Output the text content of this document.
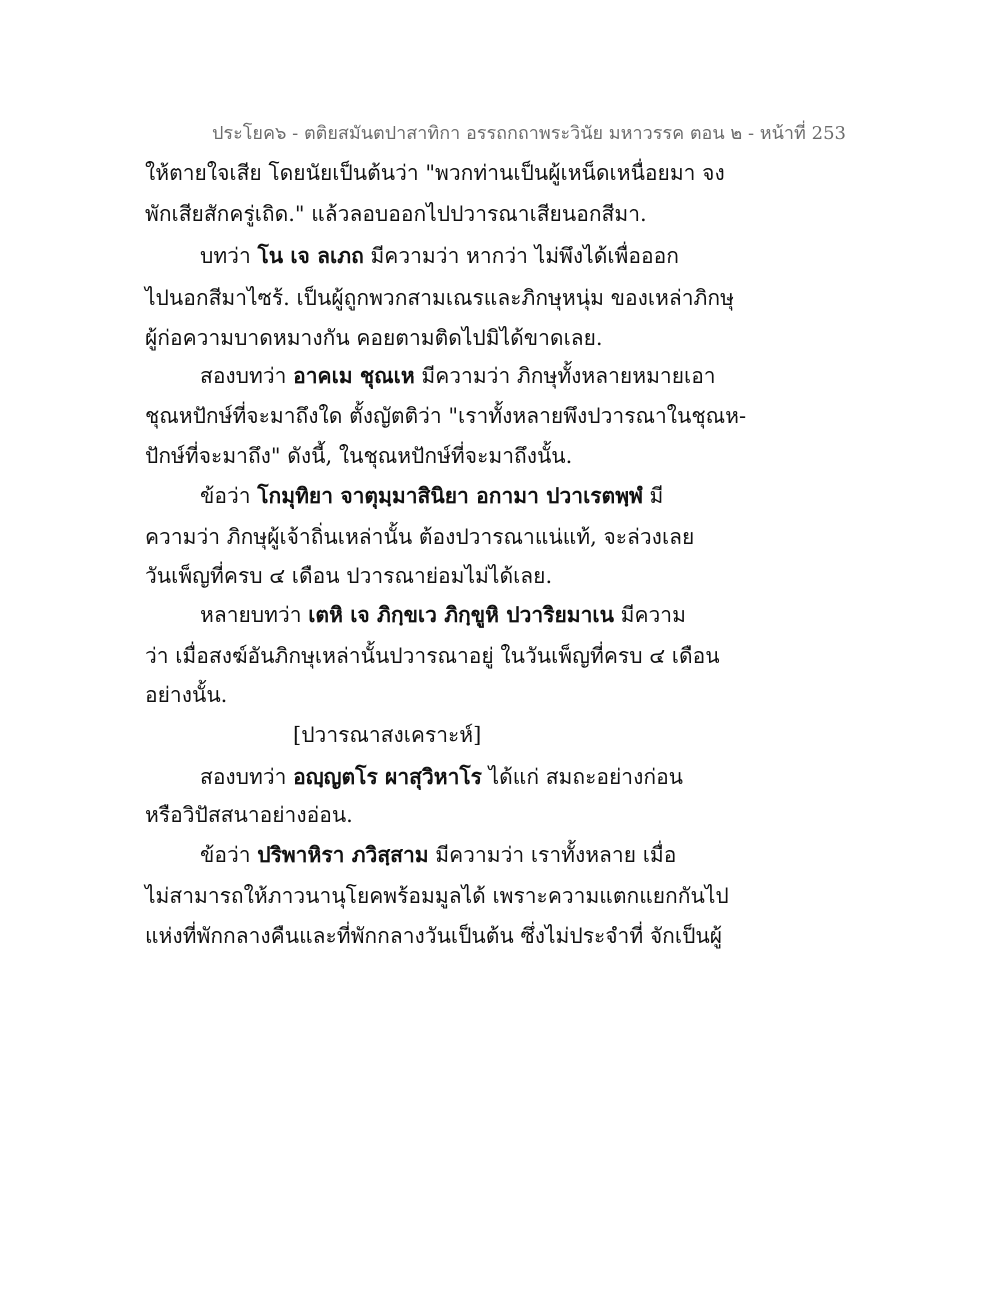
ประโยค๖ - ตติยสมันตปาสาทิกา อรรถกถาพระวินัย มหาวรรค ตอน ๒ - หน้าที่ 253
ให้ตายใจเสีย โดยนัยเป็นต้นว่า "พวกท่านเป็นผู้เหน็ดเหนื่อยมา จง
พักเสียสักครู่เถิด." แล้วลอบออกไปปวารณาเสียนอกสีมา.
บทว่า โน เจ ลเภถ มีความว่า หากว่า ไม่พึงได้เพื่อออก
ไปนอกสีมาไซร้. เป็นผู้ถูกพวกสามเณรและภิกษุหนุ่ม ของเหล่าภิกษุ
ผู้ก่อความบาดหมางกัน คอยตามติดไปมิได้ขาดเลย.
สองบทว่า อาคเม ชุณเห มีความว่า ภิกษุทั้งหลายหมายเอา
ชุณหปักษ์ที่จะมาถึงใด ตั้งญัตติว่า "เราทั้งหลายพึงปวารณาในชุณห-
ปักษ์ที่จะมาถึง" ดังนี้, ในชุณหปักษ์ที่จะมาถึงนั้น.
ข้อว่า โกมุทิยา จาตุมฺมาสินิยา อกามา ปวาเรตพฺพํ มี
ความว่า ภิกษุผู้เจ้าถิ่นเหล่านั้น ต้องปวารณาแน่แท้, จะล่วงเลย
วันเพ็ญที่ครบ ๔ เดือน ปวารณาย่อมไม่ได้เลย.
หลายบทว่า เตหิ เจ ภิกฺขเว ภิกฺขูหิ ปวาริยมาเน มีความ
ว่า เมื่อสงฆ์อันภิกษุเหล่านั้นปวารณาอยู่ ในวันเพ็ญที่ครบ ๔ เดือน
อย่างนั้น.
[ปวารณาสงเคราะห์]
สองบทว่า อญฺญตโร ผาสุวิหาโร ได้แก่ สมถะอย่างก่อน
หรือวิปัสสนาอย่างอ่อน.
ข้อว่า ปริพาหิรา ภวิสฺสาม มีความว่า เราทั้งหลาย เมื่อ
ไม่สามารถให้ภาวนานุโยคพร้อมมูลได้ เพราะความแตกแยกกันไป
แห่งที่พักกลางคืนและที่พักกลางวันเป็นต้น ซึ่งไม่ประจำที่ จักเป็นผู้
